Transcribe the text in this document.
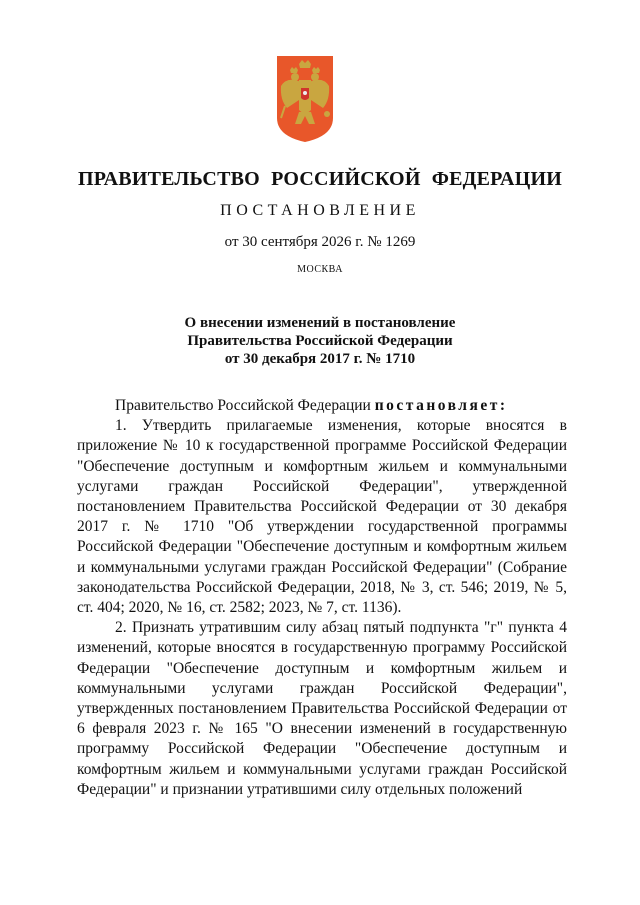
ПРАВИТЕЛЬСТВО РОССИЙСКОЙ ФЕДЕРАЦИИ
ПОСТАНОВЛЕНИЕ
от 30 сентября 2026 г. № 1269
МОСКВА
О внесении изменений в постановление
Правительства Российской Федерации
от 30 декабря 2017 г. № 1710

Правительство Российской Федерации постановляет:

1. Утвердить прилагаемые изменения, которые вносятся в приложение № 10 к государственной программе Российской Федерации "Обеспечение доступным и комфортным жильем и коммунальными услугами граждан Российской Федерации", утвержденной постановлением Правительства Российской Федерации от 30 декабря 2017 г. № 1710 "Об утверждении государственной программы Российской Федерации "Обеспечение доступным и комфортным жильем и коммунальными услугами граждан Российской Федерации" (Собрание законодательства Российской Федерации, 2018, № 3, ст. 546; 2019, № 5, ст. 404; 2020, № 16, ст. 2582; 2023, № 7, ст. 1136).

2. Признать утратившим силу абзац пятый подпункта "г" пункта 4 изменений, которые вносятся в государственную программу Российской Федерации "Обеспечение доступным и комфортным жильем и коммунальными услугами граждан Российской Федерации", утвержденных постановлением Правительства Российской Федерации от 6 февраля 2023 г. № 165 "О внесении изменений в государственную программу Российской Федерации "Обеспечение доступным и комфортным жильем и коммунальными услугами граждан Российской Федерации" и признании утратившими силу отдельных положений
